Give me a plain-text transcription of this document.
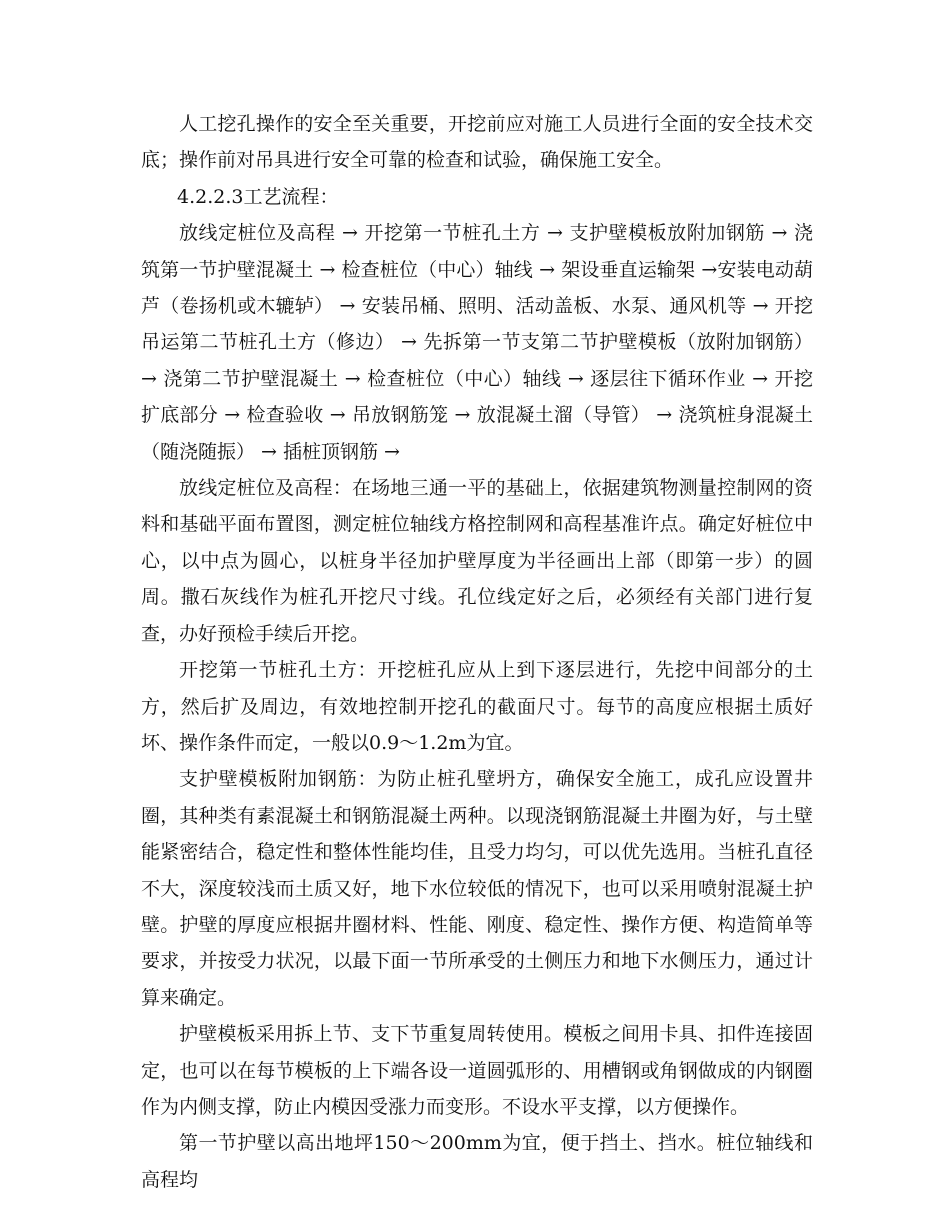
人工挖孔操作的安全至关重要，开挖前应对施工人员进行全面的安全技术交底；操作前对吊具进行安全可靠的检查和试验，确保施工安全。

4.2.2.3工艺流程：

放线定桩位及高程 → 开挖第一节桩孔土方 → 支护壁模板放附加钢筋 → 浇筑第一节护壁混凝土 → 检查桩位（中心）轴线 → 架设垂直运输架 →安装电动葫芦（卷扬机或木辘轳） → 安装吊桶、照明、活动盖板、水泵、通风机等 → 开挖吊运第二节桩孔土方（修边） → 先拆第一节支第二节护壁模板（放附加钢筋） → 浇第二节护壁混凝土 → 检查桩位（中心）轴线 → 逐层往下循环作业 → 开挖扩底部分 → 检查验收 → 吊放钢筋笼 → 放混凝土溜（导管） → 浇筑桩身混凝土（随浇随振） → 插桩顶钢筋 →

放线定桩位及高程：在场地三通一平的基础上，依据建筑物测量控制网的资料和基础平面布置图，测定桩位轴线方格控制网和高程基准许点。确定好桩位中心，以中点为圆心，以桩身半径加护壁厚度为半径画出上部（即第一步）的圆周。撒石灰线作为桩孔开挖尺寸线。孔位线定好之后，必须经有关部门进行复查，办好预检手续后开挖。

开挖第一节桩孔土方：开挖桩孔应从上到下逐层进行，先挖中间部分的土方，然后扩及周边，有效地控制开挖孔的截面尺寸。每节的高度应根据土质好坏、操作条件而定，一般以0.9～1.2m为宜。

支护壁模板附加钢筋：为防止桩孔壁坍方，确保安全施工，成孔应设置井圈，其种类有素混凝土和钢筋混凝土两种。以现浇钢筋混凝土井圈为好，与土壁能紧密结合，稳定性和整体性能均佳，且受力均匀，可以优先选用。当桩孔直径不大，深度较浅而土质又好，地下水位较低的情况下，也可以采用喷射混凝土护壁。护壁的厚度应根据井圈材料、性能、刚度、稳定性、操作方便、构造简单等要求，并按受力状况，以最下面一节所承受的土侧压力和地下水侧压力，通过计算来确定。

护壁模板采用拆上节、支下节重复周转使用。模板之间用卡具、扣件连接固定，也可以在每节模板的上下端各设一道圆弧形的、用槽钢或角钢做成的内钢圈作为内侧支撑，防止内模因受涨力而变形。不设水平支撑，以方便操作。

第一节护壁以高出地坪150～200mm为宜，便于挡土、挡水。桩位轴线和高程均
